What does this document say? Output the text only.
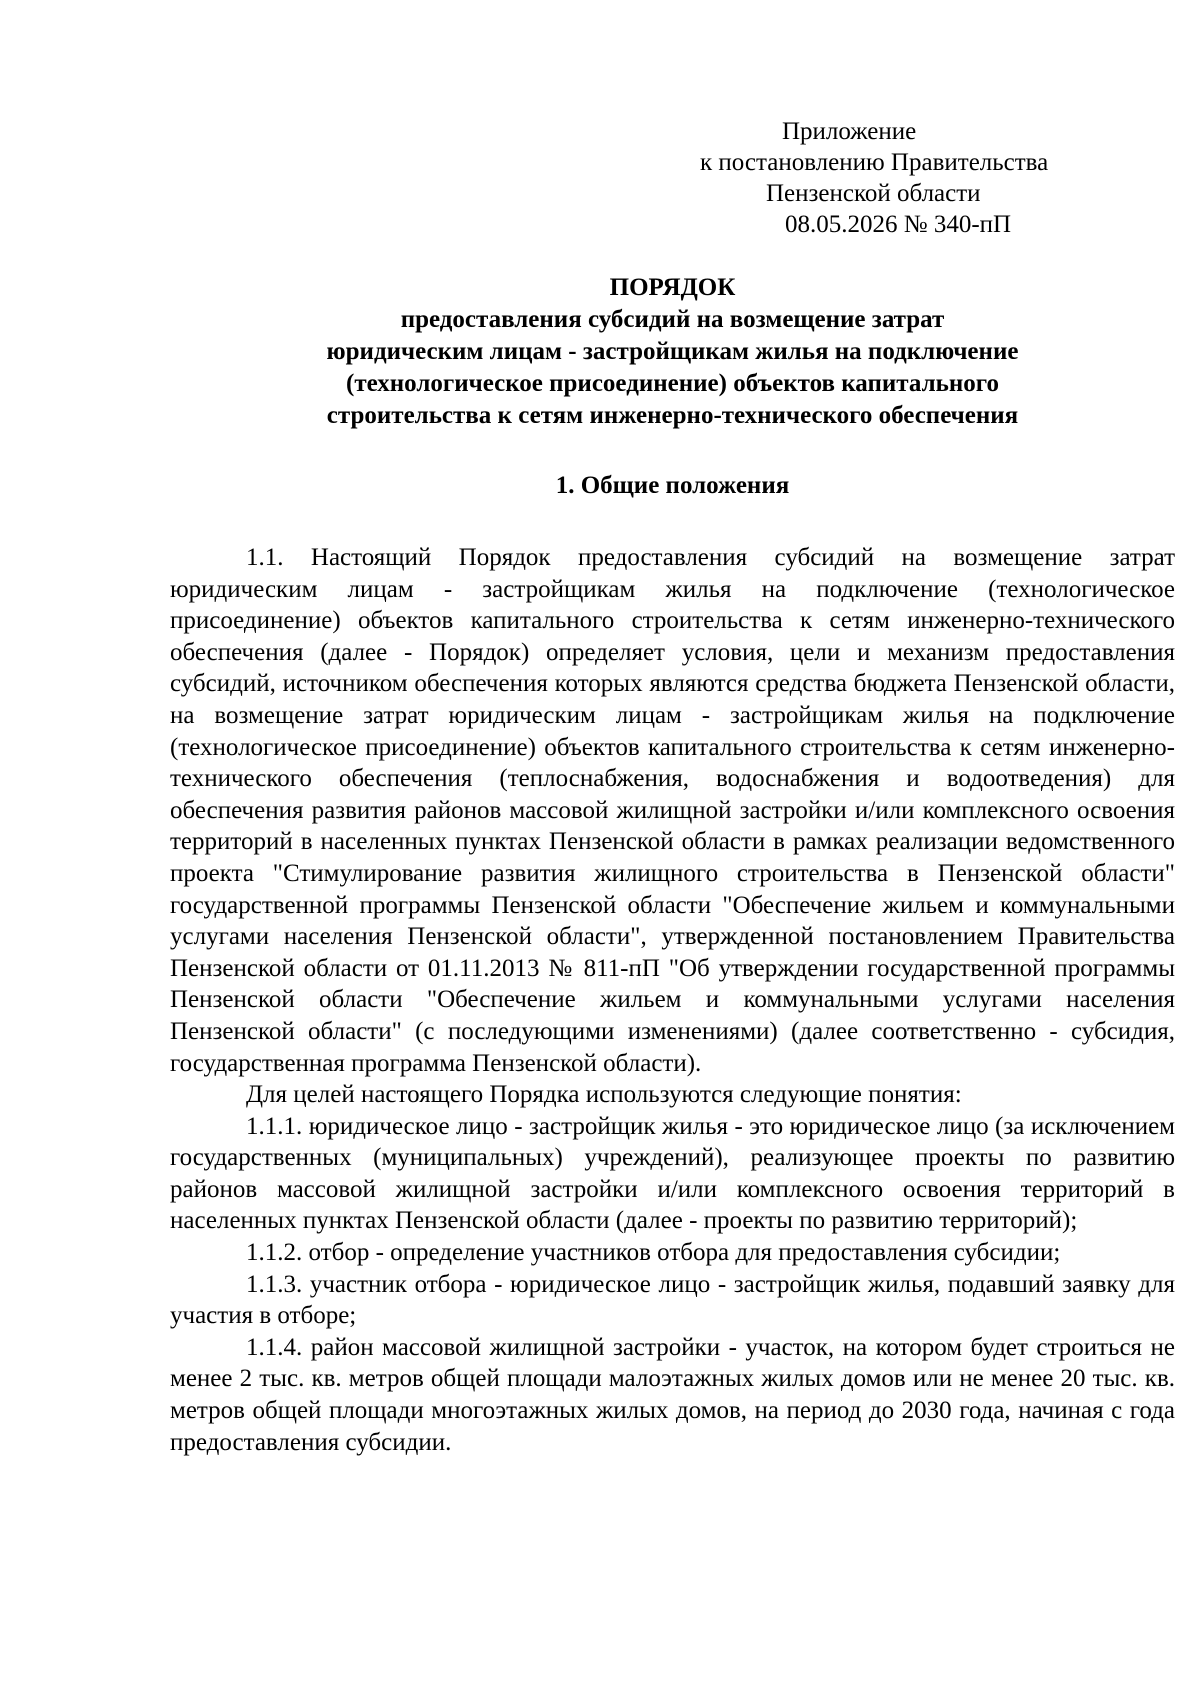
Приложение
к постановлению Правительства
Пензенской области
08.05.2026 № 340-пП
ПОРЯДОК
предоставления субсидий на возмещение затрат
юридическим лицам - застройщикам жилья на подключение
(технологическое присоединение) объектов капитального
строительства к сетям инженерно-технического обеспечения
1. Общие положения

1.1. Настоящий Порядок предоставления субсидий на возмещение затрат юридическим лицам - застройщикам жилья на подключение (технологическое присоединение) объектов капитального строительства к сетям инженерно-технического обеспечения (далее - Порядок) определяет условия, цели и механизм предоставления субсидий, источником обеспечения которых являются средства бюджета Пензенской области, на возмещение затрат юридическим лицам - застройщикам жилья на подключение (технологическое присоединение) объектов капитального строительства к сетям инженерно-технического обеспечения (теплоснабжения, водоснабжения и водоотведения) для обеспечения развития районов массовой жилищной застройки и/или комплексного освоения территорий в населенных пунктах Пензенской области в рамках реализации ведомственного проекта "Стимулирование развития жилищного строительства в Пензенской области" государственной программы Пензенской области "Обеспечение жильем и коммунальными услугами населения Пензенской области", утвержденной постановлением Правительства Пензенской области от 01.11.2013 № 811-пП "Об утверждении государственной программы Пензенской области "Обеспечение жильем и коммунальными услугами населения Пензенской области" (с последующими изменениями) (далее соответственно - субсидия, государственная программа Пензенской области).

Для целей настоящего Порядка используются следующие понятия:

1.1.1. юридическое лицо - застройщик жилья - это юридическое лицо (за исключением государственных (муниципальных) учреждений), реализующее проекты по развитию районов массовой жилищной застройки и/или комплексного освоения территорий в населенных пунктах Пензенской области (далее - проекты по развитию территорий);

1.1.2. отбор - определение участников отбора для предоставления субсидии;

1.1.3. участник отбора - юридическое лицо - застройщик жилья, подавший заявку для участия в отборе;

1.1.4. район массовой жилищной застройки - участок, на котором будет строиться не менее 2 тыс. кв. метров общей площади малоэтажных жилых домов или не менее 20 тыс. кв. метров общей площади многоэтажных жилых домов, на период до 2030 года, начиная с года предоставления субсидии.
